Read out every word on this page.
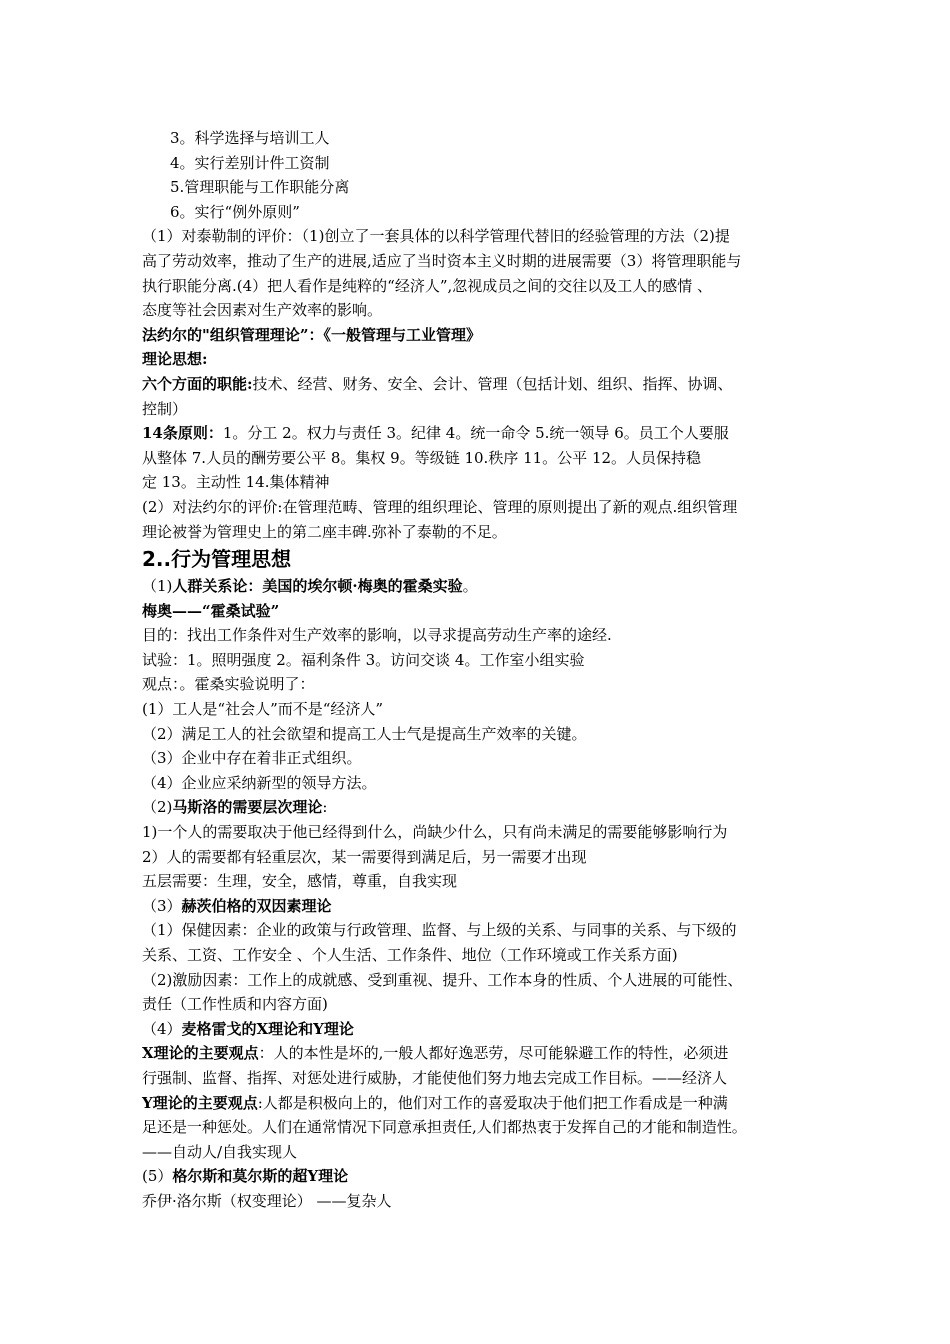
3。科学选择与培训工人
4。实行差别计件工资制
5.管理职能与工作职能分离
6。实行“例外原则”
（1）对泰勒制的评价：（1)创立了一套具体的以科学管理代替旧的经验管理的方法（2)提
高了劳动效率，推动了生产的进展,适应了当时资本主义时期的进展需要（3）将管理职能与
执行职能分离.(4）把人看作是纯粹的“经济人”,忽视成员之间的交往以及工人的感情 、
态度等社会因素对生产效率的影响。
法约尔的"组织管理理论”：《一般管理与工业管理》
理论思想:
六个方面的职能:技术、经营、财务、安全、会计、管理（包括计划、组织、指挥、协调、
控制）
14条原则：1。分工 2。权力与责任 3。纪律 4。统一命令 5.统一领导 6。员工个人要服
从整体 7.人员的酬劳要公平 8。集权 9。等级链 10.秩序 11。公平 12。人员保持稳
定 13。主动性 14.集体精神
(2）对法约尔的评价:在管理范畴、管理的组织理论、管理的原则提出了新的观点.组织管理
理论被誉为管理史上的第二座丰碑.弥补了泰勒的不足。
2..行为管理思想
（1)人群关系论：美国的埃尔顿·梅奥的霍桑实验。
梅奥——“霍桑试验”
目的：找出工作条件对生产效率的影响，以寻求提高劳动生产率的途经.
试验：1。照明强度 2。福利条件 3。访问交谈 4。工作室小组实验
观点：。霍桑实验说明了：
(1）工人是“社会人”而不是“经济人”
（2）满足工人的社会欲望和提高工人士气是提高生产效率的关键。
（3）企业中存在着非正式组织。
（4）企业应采纳新型的领导方法。
（2)马斯洛的需要层次理论:
1)一个人的需要取决于他已经得到什么，尚缺少什么，只有尚未满足的需要能够影响行为
2）人的需要都有轻重层次，某一需要得到满足后，另一需要才出现
五层需要：生理，安全，感情，尊重，自我实现
（3）赫茨伯格的双因素理论
（1）保健因素：企业的政策与行政管理、监督、与上级的关系、与同事的关系、与下级的
关系、工资、工作安全 、个人生活、工作条件、地位（工作环境或工作关系方面)
（2)激励因素：工作上的成就感、受到重视、提升、工作本身的性质、个人进展的可能性、
责任（工作性质和内容方面)
（4）麦格雷戈的X理论和Y理论
X理论的主要观点：人的本性是坏的,一般人都好逸恶劳，尽可能躲避工作的特性，必须进
行强制、监督、指挥、对惩处进行威胁，才能使他们努力地去完成工作目标。——经济人
Y理论的主要观点:人都是积极向上的，他们对工作的喜爱取决于他们把工作看成是一种满
足还是一种惩处。人们在通常情况下同意承担责任,人们都热衷于发挥自己的才能和制造性。
——自动人/自我实现人
(5）格尔斯和莫尔斯的超Y理论
乔伊·洛尔斯（权变理论） ——复杂人
